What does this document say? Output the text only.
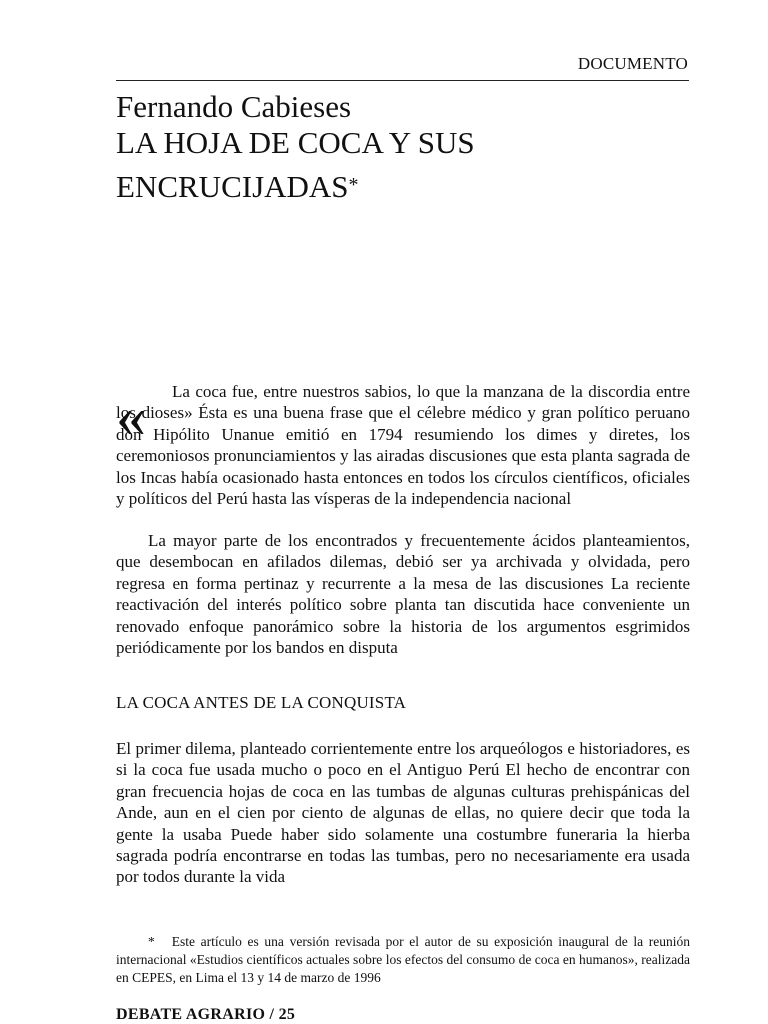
DOCUMENTO
Fernando Cabieses
LA HOJA DE COCA Y SUS ENCRUCIJADAS*
«	La coca fue, entre nuestros sabios, lo que la manzana de la discordia entre los dioses» Ésta es una buena frase que el célebre médico y gran político peruano don Hipólito Unanue emitió en 1794 resumiendo los dimes y diretes, los ceremoniosos pronunciamientos y las airadas discusiones que esta planta sagrada de los Incas había ocasionado hasta entonces en todos los círculos científicos, oficiales y políticos del Perú hasta las vísperas de la independencia nacional
La mayor parte de los encontrados y frecuentemente ácidos planteamientos, que desembocan en afilados dilemas, debió ser ya archivada y olvidada, pero regresa en forma pertinaz y recurrente a la mesa de las discusiones La reciente reactivación del interés político sobre planta tan discutida hace conveniente un renovado enfoque panorámico sobre la historia de los argumentos esgrimidos periódicamente por los bandos en disputa
LA COCA ANTES DE LA CONQUISTA
El primer dilema, planteado corrientemente entre los arqueólogos e historiadores, es si la coca fue usada mucho o poco en el Antiguo Perú El hecho de encontrar con gran frecuencia hojas de coca en las tumbas de algunas culturas prehispánicas del Ande, aun en el cien por ciento de algunas de ellas, no quiere decir que toda la gente la usaba Puede haber sido solamente una costumbre funeraria la hierba sagrada podría encontrarse en todas las tumbas, pero no necesariamente era usada por todos durante la vida
* Este artículo es una versión revisada por el autor de su exposición inaugural de la reunión internacional «Estudios científicos actuales sobre los efectos del consumo de coca en humanos», realizada en CEPES, en Lima el 13 y 14 de marzo de 1996
DEBATE AGRARIO / 25
